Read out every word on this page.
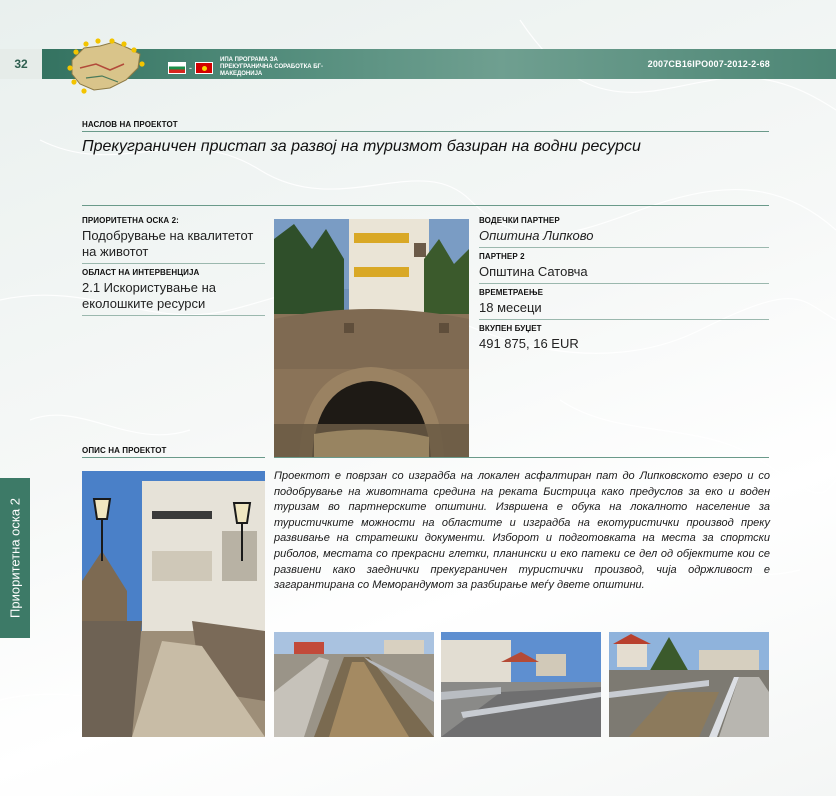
32	-
ИПА ПРОГРАМА ЗА ПРЕКУГРАНИЧНА СОРАБОТКА БГ-МАКЕДОНИЈА
2007CB16IPO007-2012-2-68
Приоритетна оска 2
НАСЛОВ НА ПРОЕКТОТ
Прекуграничен пристап за развој на туризмот базиран на водни ресурси
ПРИОРИТЕТНА ОСКА 2:
Подобрување на квалитетот на животот
ОБЛАСТ НА ИНТЕРВЕНЦИЈА
2.1 Искористување на еколошките ресурси
ВОДЕЧКИ ПАРТНЕР
Општина Липково
ПАРТНЕР 2
Општина Сатовча
ВРЕМЕТРАЕЊЕ
18 месеци
ВКУПЕН БУЏЕТ
491 875, 16 EUR
ОПИС НА ПРОЕКТОТ
Проектот е поврзан со изградба на локален асфалтиран пат до Липковското езеро и со подобрување на животната средина на реката Бистрица како предуслов за еко и воден туризам во партнерските општини. Извршена е обука на локалното население за туристичките можности на областите и изградба на екотуристички производ преку развивање на стратешки документи. Изборот и подготовката на места за спортски риболов, местата со прекрасни глетки, планински и еко патеки се дел од објектите кои се развиени како заеднички прекуграничен туристички производ, чија одржливост е загарантирана со Меморандумот за разбирање меѓу двете општини.
